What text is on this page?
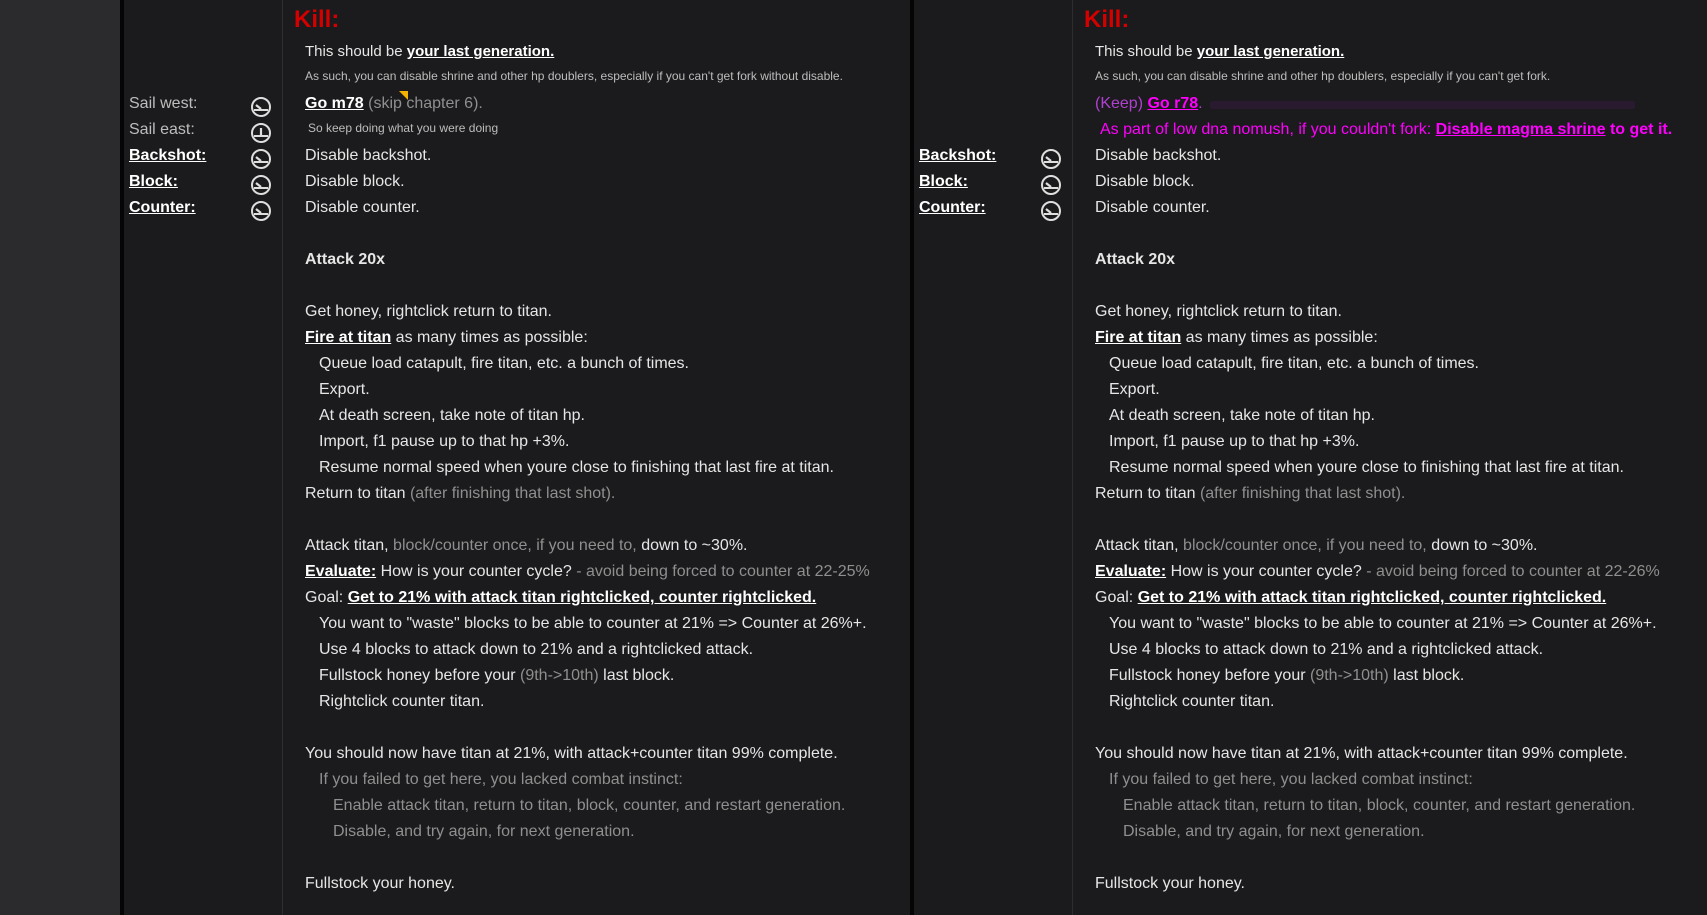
Kill:
This should be your last generation.
As such, you can disable shrine and other hp doublers, especially if you can't get fork without disable.
Sail west:
Sail east:
Backshot:
Block:
Counter:
Go m78 (skip chapter 6).
So keep doing what you were doing
Disable backshot.
Disable block.
Disable counter.
Attack 20x
Get honey, rightclick return to titan.
Fire at titan as many times as possible:
Queue load catapult, fire titan, etc. a bunch of times.
Export.
At death screen, take note of titan hp.
Import, f1 pause up to that hp +3%.
Resume normal speed when youre close to finishing that last fire at titan.
Return to titan (after finishing that last shot).
Attack titan, block/counter once, if you need to, down to ~30%.
Evaluate: How is your counter cycle? - avoid being forced to counter at 22-25%
Goal: Get to 21% with attack titan rightclicked, counter rightclicked.
You want to "waste" blocks to be able to counter at 21% => Counter at 26%+.
Use 4 blocks to attack down to 21% and a rightclicked attack.
Fullstock honey before your (9th->10th) last block.
Rightclick counter titan.
You should now have titan at 21%, with attack+counter titan 99% complete.
If you failed to get here, you lacked combat instinct:
Enable attack titan, return to titan, block, counter, and restart generation.
Disable, and try again, for next generation.
Fullstock your honey.
Kill:
This should be your last generation.
As such, you can disable shrine and other hp doublers, especially if you can't get fork.
(Keep) Go r78.
As part of low dna nomush, if you couldn't fork: Disable magma shrine to get it.
Backshot:
Block:
Counter:
Disable backshot.
Disable block.
Disable counter.
Attack 20x
Get honey, rightclick return to titan.
Fire at titan as many times as possible:
Queue load catapult, fire titan, etc. a bunch of times.
Export.
At death screen, take note of titan hp.
Import, f1 pause up to that hp +3%.
Resume normal speed when youre close to finishing that last fire at titan.
Return to titan (after finishing that last shot).
Attack titan, block/counter once, if you need to, down to ~30%.
Evaluate: How is your counter cycle? - avoid being forced to counter at 22-26%
Goal: Get to 21% with attack titan rightclicked, counter rightclicked.
You want to "waste" blocks to be able to counter at 21% => Counter at 26%+.
Use 4 blocks to attack down to 21% and a rightclicked attack.
Fullstock honey before your (9th->10th) last block.
Rightclick counter titan.
You should now have titan at 21%, with attack+counter titan 99% complete.
If you failed to get here, you lacked combat instinct:
Enable attack titan, return to titan, block, counter, and restart generation.
Disable, and try again, for next generation.
Fullstock your honey.
